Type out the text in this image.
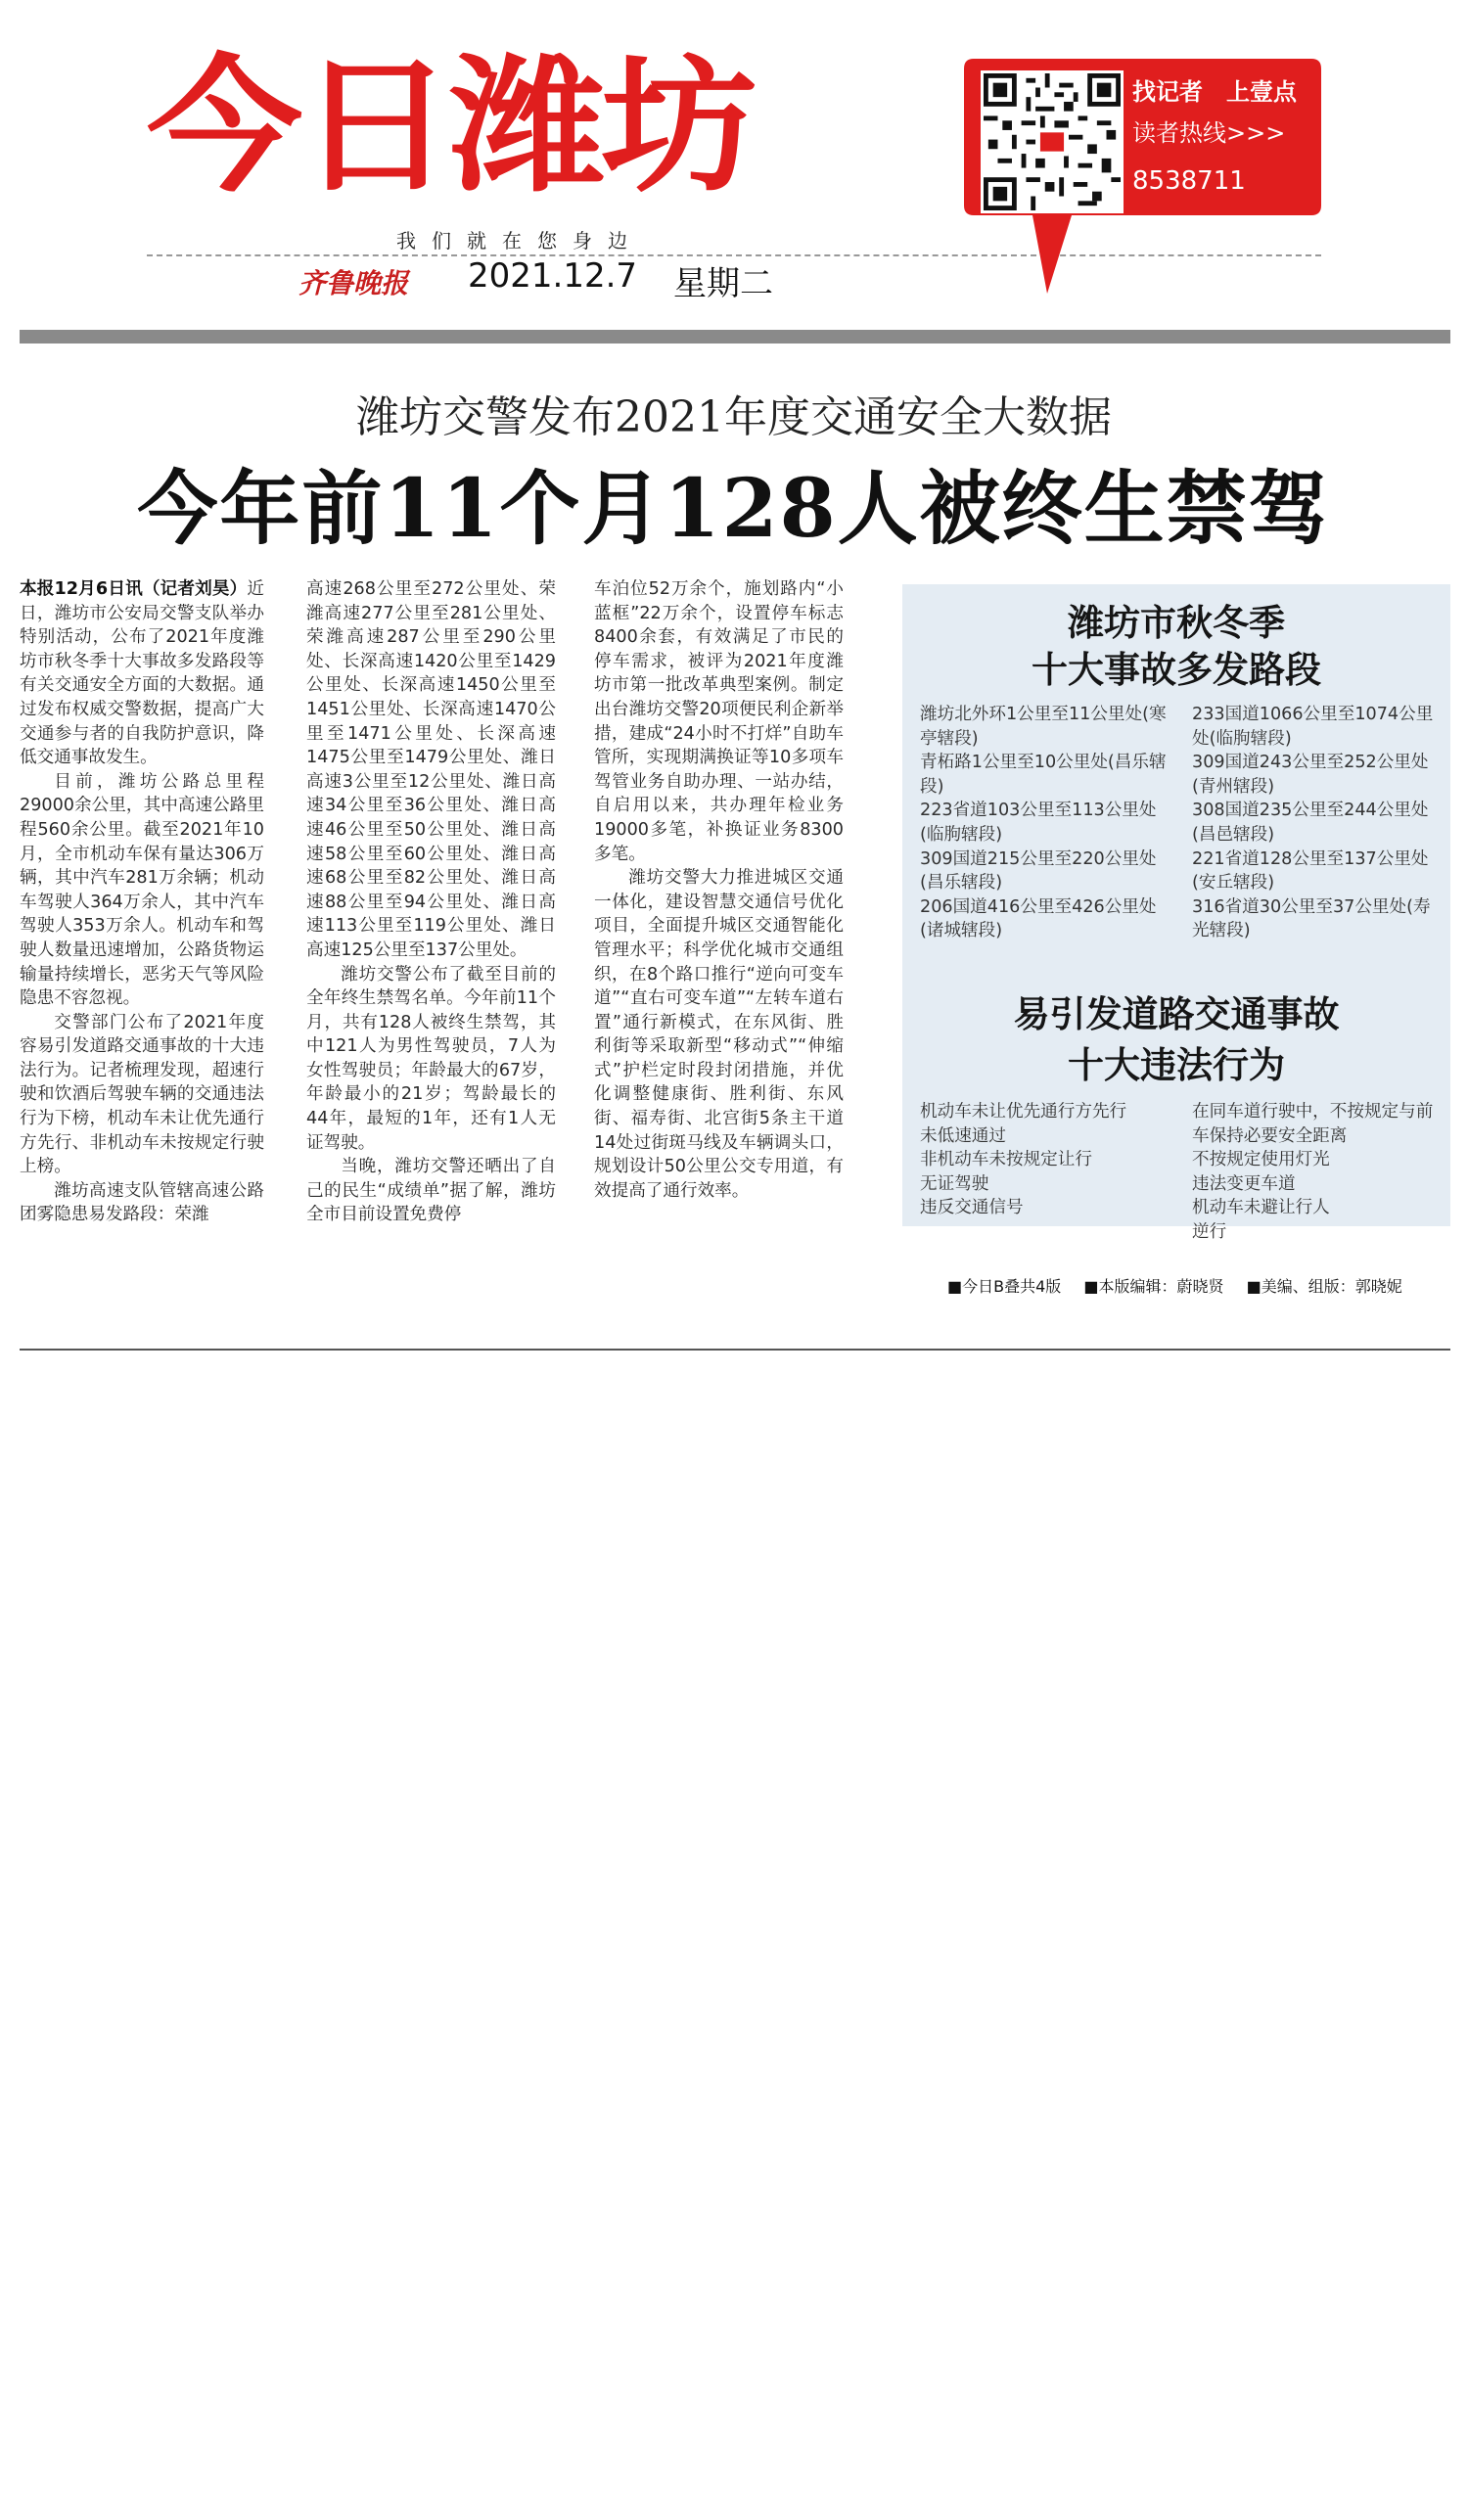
今日潍坊
我们就在您身边
齐鲁晚报 2021.12.7 星期二
找记者　上壹点
读者热线>>>
8538711
潍坊交警发布2021年度交通安全大数据
今年前11个月128人被终生禁驾

本报12月6日讯（记者刘昊）近日，潍坊市公安局交警支队举办特别活动，公布了2021年度潍坊市秋冬季十大事故多发路段等有关交通安全方面的大数据。通过发布权威交警数据，提高广大交通参与者的自我防护意识，降低交通事故发生。

目前，潍坊公路总里程29000余公里，其中高速公路里程560余公里。截至2021年10月，全市机动车保有量达306万辆，其中汽车281万余辆；机动车驾驶人364万余人，其中汽车驾驶人353万余人。机动车和驾驶人数量迅速增加，公路货物运输量持续增长，恶劣天气等风险隐患不容忽视。

交警部门公布了2021年度容易引发道路交通事故的十大违法行为。记者梳理发现，超速行驶和饮酒后驾驶车辆的交通违法行为下榜，机动车未让优先通行方先行、非机动车未按规定行驶上榜。

潍坊高速支队管辖高速公路团雾隐患易发路段：荣潍

高速268公里至272公里处、荣潍高速277公里至281公里处、荣潍高速287公里至290公里处、长深高速1420公里至1429公里处、长深高速1450公里至1451公里处、长深高速1470公里至1471公里处、长深高速1475公里至1479公里处、潍日高速3公里至12公里处、潍日高速34公里至36公里处、潍日高速46公里至50公里处、潍日高速58公里至60公里处、潍日高速68公里至82公里处、潍日高速88公里至94公里处、潍日高速113公里至119公里处、潍日高速125公里至137公里处。

潍坊交警公布了截至目前的全年终生禁驾名单。今年前11个月，共有128人被终生禁驾，其中121人为男性驾驶员，7人为女性驾驶员；年龄最大的67岁，年龄最小的21岁；驾龄最长的44年，最短的1年，还有1人无证驾驶。

当晚，潍坊交警还晒出了自己的民生“成绩单”据了解，潍坊全市目前设置免费停

车泊位52万余个，施划路内“小蓝框”22万余个，设置停车标志8400余套，有效满足了市民的停车需求，被评为2021年度潍坊市第一批改革典型案例。制定出台潍坊交警20项便民利企新举措，建成“24小时不打烊”自助车管所，实现期满换证等10多项车驾管业务自助办理、一站办结，自启用以来，共办理年检业务19000多笔，补换证业务8300多笔。

潍坊交警大力推进城区交通一体化，建设智慧交通信号优化项目，全面提升城区交通智能化管理水平；科学优化城市交通组织，在8个路口推行“逆向可变车道”“直右可变车道”“左转车道右置”通行新模式，在东风街、胜利街等采取新型“移动式”“伸缩式”护栏定时段封闭措施，并优化调整健康街、胜利街、东风街、福寿街、北宫街5条主干道14处过街斑马线及车辆调头口，规划设计50公里公交专用道，有效提高了通行效率。

潍坊市秋冬季
十大事故多发路段
潍坊北外环1公里至11公里处(寒亭辖段)
青柘路1公里至10公里处(昌乐辖段)
223省道103公里至113公里处(临朐辖段)
309国道215公里至220公里处(昌乐辖段)
206国道416公里至426公里处(诸城辖段)
233国道1066公里至1074公里处(临朐辖段)
309国道243公里至252公里处(青州辖段)
308国道235公里至244公里处(昌邑辖段)
221省道128公里至137公里处(安丘辖段)
316省道30公里至37公里处(寿光辖段)
易引发道路交通事故
十大违法行为
机动车未让优先通行方先行
未低速通过
非机动车未按规定让行
无证驾驶
违反交通信号
在同车道行驶中，不按规定与前车保持必要安全距离
不按规定使用灯光
违法变更车道
机动车未避让行人
逆行
■今日B叠共4版 ■本版编辑：蔚晓贤 ■美编、组版：郭晓妮
